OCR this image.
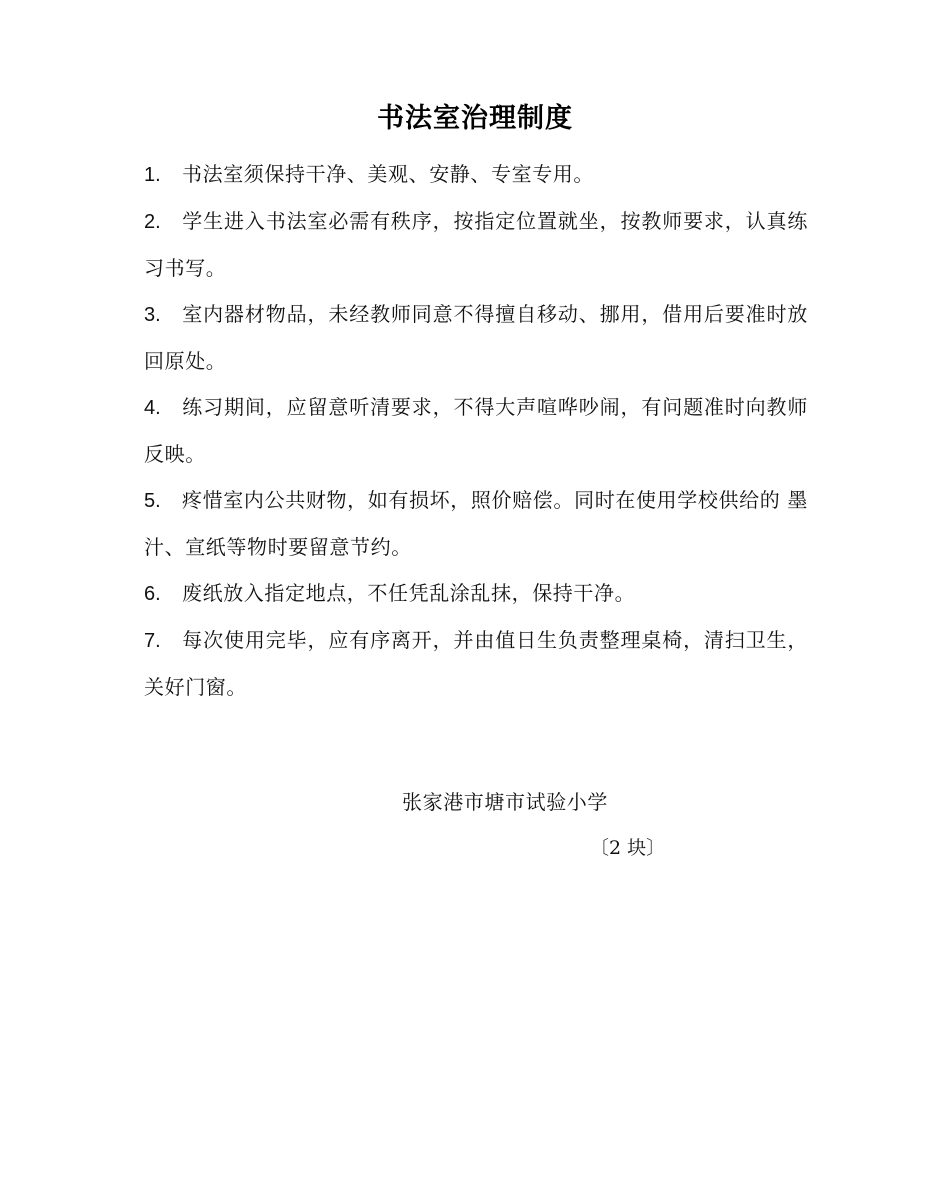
书法室治理制度
1. 书法室须保持干净、美观、安静、专室专用。
2. 学生进入书法室必需有秩序，按指定位置就坐，按教师要求，认真练习书写。
3. 室内器材物品，未经教师同意不得擅自移动、挪用，借用后要准时放回原处。
4. 练习期间，应留意听清要求，不得大声喧哗吵闹，有问题准时向教师反映。
5. 疼惜室内公共财物，如有损坏，照价赔偿。同时在使用学校供给的 墨汁、宣纸等物时要留意节约。
6. 废纸放入指定地点，不任凭乱涂乱抹，保持干净。
7. 每次使用完毕，应有序离开，并由值日生负责整理桌椅，清扫卫生，关好门窗。
张家港市塘市试验小学
〔2 块〕
